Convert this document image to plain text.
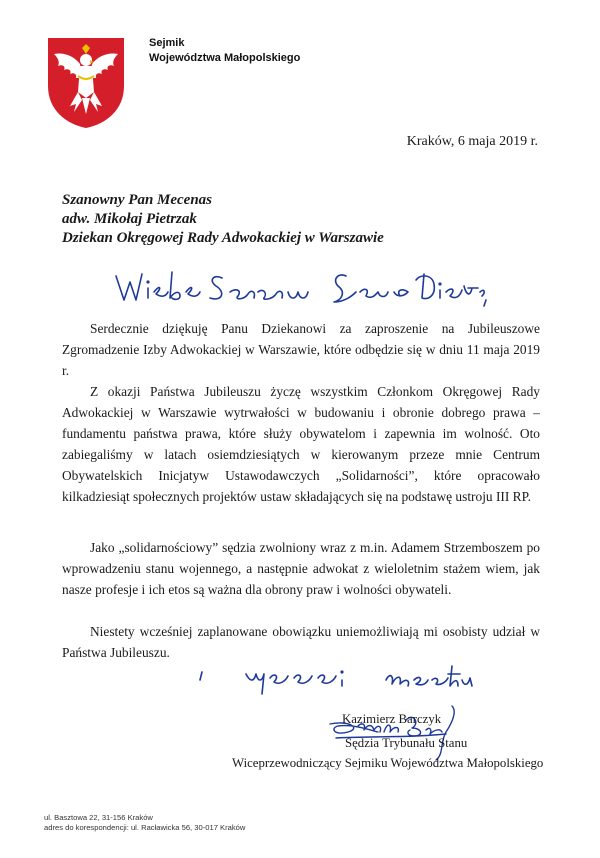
Sejmik
Województwa Małopolskiego
Kraków, 6 maja 2019 r.
Szanowny Pan Mecenas
adw. Mikołaj Pietrzak
Dziekan Okręgowej Rady Adwokackiej w Warszawie

Serdecznie dziękuję Panu Dziekanowi za zaproszenie na Jubileuszowe Zgromadzenie Izby Adwokackiej w Warszawie, które odbędzie się w dniu 11 maja 2019 r.

Z okazji Państwa Jubileuszu życzę wszystkim Członkom Okręgowej Rady Adwokackiej w Warszawie wytrwałości w budowaniu i obronie dobrego prawa – fundamentu państwa prawa, które służy obywatelom i zapewnia im wolność. Oto zabiegaliśmy w latach osiemdziesiątych w kierowanym przeze mnie Centrum Obywatelskich Inicjatyw Ustawodawczych „Solidarności”, które opracowało kilkadziesiąt społecznych projektów ustaw składających się na podstawę ustroju III RP.

Jako „solidarnościowy” sędzia zwolniony wraz z m.in. Adamem Strzemboszem po wprowadzeniu stanu wojennego, a następnie adwokat z wieloletnim stażem wiem, jak nasze profesje i ich etos są ważna dla obrony praw i wolności obywateli.

Niestety wcześniej zaplanowane obowiązku uniemożliwiają mi osobisty udział w Państwa Jubileuszu.

Kazimierz Barczyk
Sędzia Trybunału Stanu
Wiceprzewodniczący Sejmiku Województwa Małopolskiego
ul. Basztowa 22, 31-156 Kraków
adres do korespondencji: ul. Racławicka 56, 30-017 Kraków
